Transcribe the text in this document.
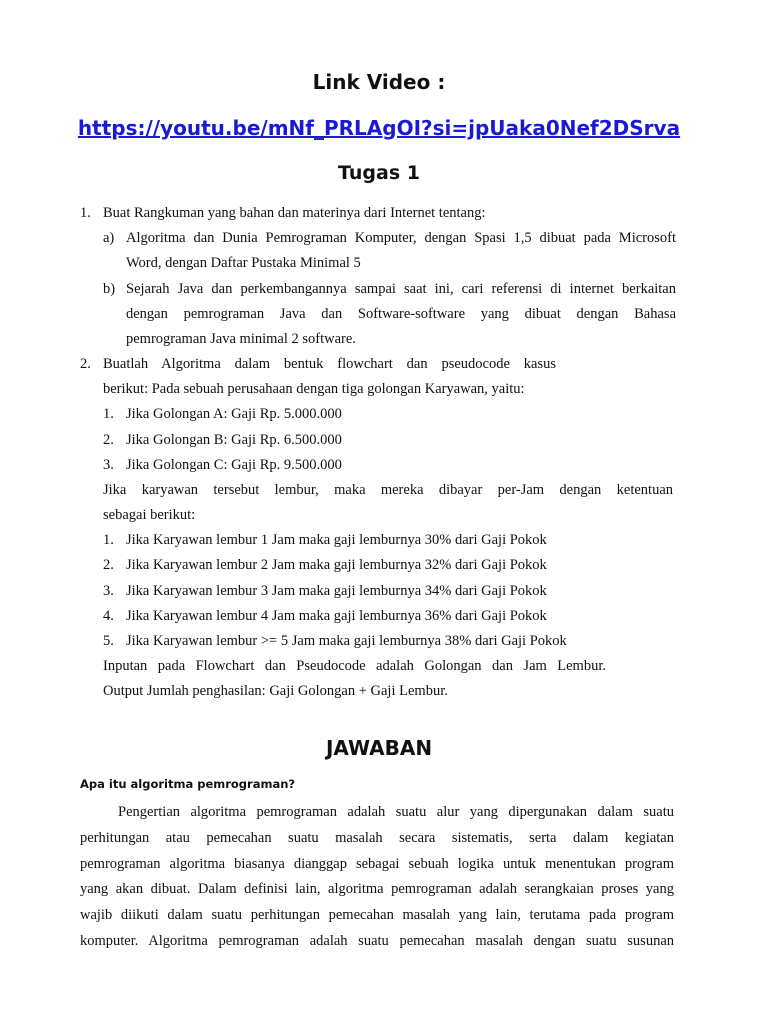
Link Video :
https://youtu.be/mNf_PRLAgOI?si=jpUaka0Nef2DSrva
Tugas 1
1. Buat Rangkuman yang bahan dan materinya dari Internet tentang:
a) Algoritma dan Dunia Pemrograman Komputer, dengan Spasi 1,5 dibuat pada Microsoft
Word, dengan Daftar Pustaka Minimal 5
b) Sejarah Java dan perkembangannya sampai saat ini, cari referensi di internet berkaitan
dengan pemrograman Java dan Software-software yang dibuat dengan Bahasa
pemrograman Java minimal 2 software.
2. Buatlah Algoritma dalam bentuk flowchart dan pseudocode kasus
berikut: Pada sebuah perusahaan dengan tiga golongan Karyawan, yaitu:
1. Jika Golongan A: Gaji Rp. 5.000.000
2. Jika Golongan B: Gaji Rp. 6.500.000
3. Jika Golongan C: Gaji Rp. 9.500.000
Jika karyawan tersebut lembur, maka mereka dibayar per-Jam dengan ketentuan
sebagai berikut:
1. Jika Karyawan lembur 1 Jam maka gaji lemburnya 30% dari Gaji Pokok
2. Jika Karyawan lembur 2 Jam maka gaji lemburnya 32% dari Gaji Pokok
3. Jika Karyawan lembur 3 Jam maka gaji lemburnya 34% dari Gaji Pokok
4. Jika Karyawan lembur 4 Jam maka gaji lemburnya 36% dari Gaji Pokok
5. Jika Karyawan lembur >= 5 Jam maka gaji lemburnya 38% dari Gaji Pokok
Inputan pada Flowchart dan Pseudocode adalah Golongan dan Jam Lembur.
Output Jumlah penghasilan: Gaji Golongan + Gaji Lembur.
JAWABAN
Apa itu algoritma pemrograman?
Pengertian algoritma pemrograman adalah suatu alur yang dipergunakan dalam suatu
perhitungan atau pemecahan suatu masalah secara sistematis, serta dalam kegiatan
pemrograman algoritma biasanya dianggap sebagai sebuah logika untuk menentukan program
yang akan dibuat. Dalam definisi lain, algoritma pemrograman adalah serangkaian proses yang
wajib diikuti dalam suatu perhitungan pemecahan masalah yang lain, terutama pada program
komputer. Algoritma pemrograman adalah suatu pemecahan masalah dengan suatu susunan
